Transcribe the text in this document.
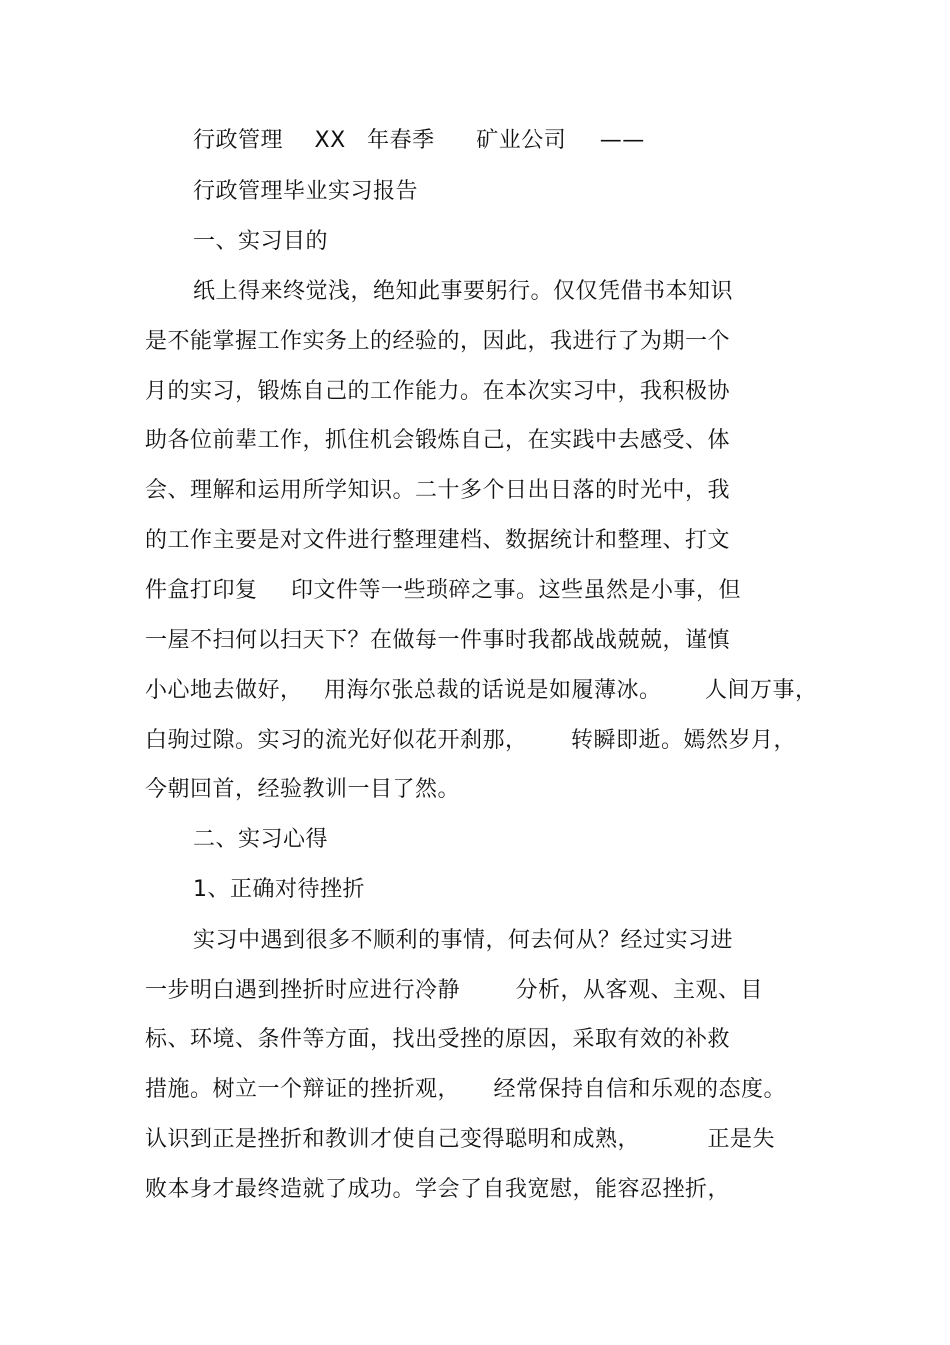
行政管理 XX 年春季 矿业公司 ——
行政管理毕业实习报告
一、实习目的
纸上得来终觉浅，绝知此事要躬行。仅仅凭借书本知识
是不能掌握工作实务上的经验的，因此，我进行了为期一个
月的实习，锻炼自己的工作能力。在本次实习中，我积极协
助各位前辈工作，抓住机会锻炼自己，在实践中去感受、体
会、理解和运用所学知识。二十多个日出日落的时光中，我
的工作主要是对文件进行整理建档、数据统计和整理、打文
件盒打印复 印文件等一些琐碎之事。这些虽然是小事，但
一屋不扫何以扫天下？在做每一件事时我都战战兢兢，谨慎
小心地去做好， 用海尔张总裁的话说是如履薄冰。 人间万事，
白驹过隙。实习的流光好似花开刹那， 转瞬即逝。嫣然岁月，
今朝回首，经验教训一目了然。
二、实习心得
1、正确对待挫折
实习中遇到很多不顺利的事情，何去何从？经过实习进
一步明白遇到挫折时应进行冷静	分析，从客观、主观、目
标、环境、条件等方面，找出受挫的原因，采取有效的补救
措施。树立一个辩证的挫折观， 经常保持自信和乐观的态度。
认识到正是挫折和教训才使自己变得聪明和成熟，	正是失
败本身才最终造就了成功。学会了自我宽慰，能容忍挫折，
